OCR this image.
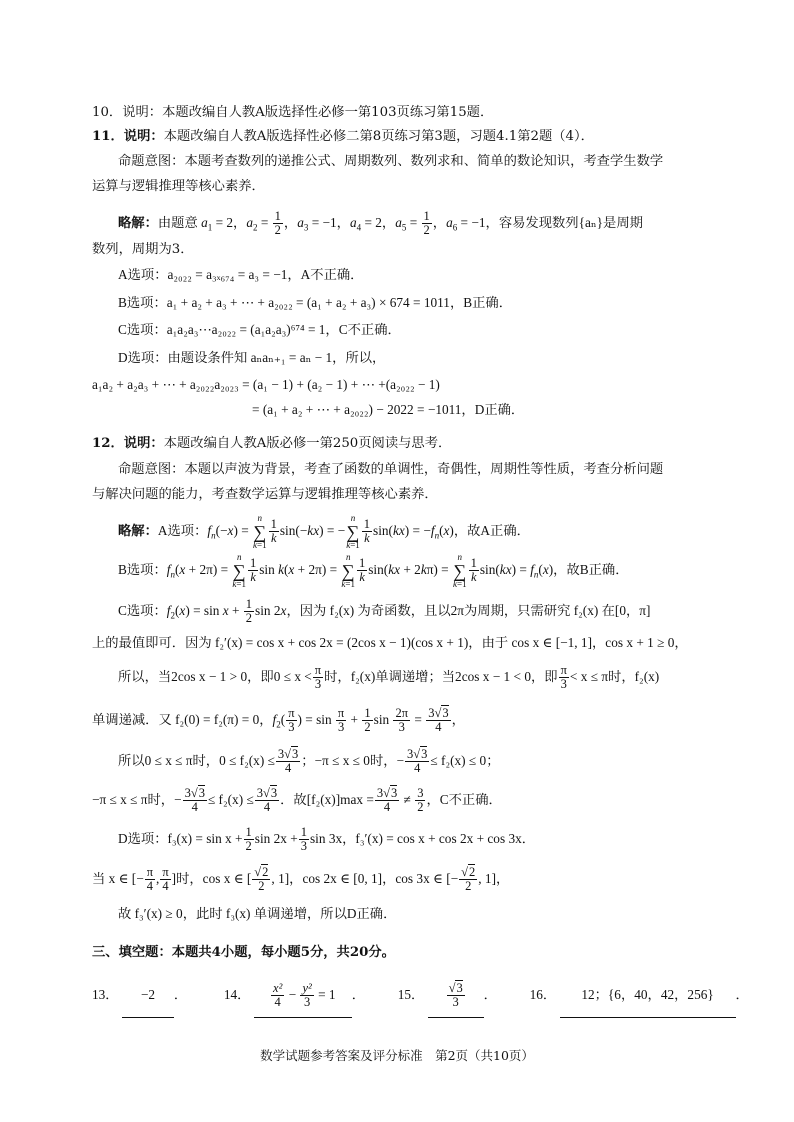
10．说明：本题改编自人教A版选择性必修一第103页练习第15题．
11．说明：本题改编自人教A版选择性必修二第8页练习第3题，习题4.1第2题（4）．
命题意图：本题考查数列的递推公式、周期数列、数列求和、简单的数论知识，考查学生数学
运算与逻辑推理等核心素养．
略解：由题意 $a_1 = 2$，$a_2 = \frac{1}{2}$ ，$a_3 = -1$，$a_4 = 2$，$a_5 = \frac{1}{2}$ ，$a_6 = -1$，容易发现数列{aₙ}是周期
数列，周期为3．
A选项：a₂₀₂₂ = a₃ₓ₆₇₄ = a₃ = −1，A不正确．
B选项：a₁ + a₂ + a₃ + ⋯ + a₂₀₂₂ = (a₁ + a₂ + a₃) × 674 = 1011，B正确．
C选项：a₁a₂a₃⋯a₂₀₂₂ = (a₁a₂a₃)⁶⁷⁴ = 1，C不正确．
D选项：由题设条件知 aₙaₙ₊₁ = aₙ − 1，所以，
a₁a₂ + a₂a₃ + ⋯ + a₂₀₂₂a₂₀₂₃ = (a₁ − 1) + (a₂ − 1) + ⋯ +(a₂₀₂₂ − 1)
= (a₁ + a₂ + ⋯ + a₂₀₂₂) − 2022 = −1011，D正确．
12．说明：本题改编自人教A版必修一第250页阅读与思考．
命题意图：本题以声波为背景，考查了函数的单调性，奇偶性，周期性等性质，考查分析问题
与解决问题的能力，考查数学运算与逻辑推理等核心素养．
略解：A选项：$f_n(-x)$ =
n
∑
$k=1 \frac{1}{k} \sin(-kx)$ = −
n
∑
$k=1 \frac{1}{k} \sin(kx) = -f_n(x)$，故A正确．
B选项：$f_n(x + 2\pi)$ =
n
∑
$k=1 \frac{1}{k}$ sin k(x + 2π) =
n
∑
$k=1 \frac{1}{k} \sin(kx + 2k\pi)$ =
n
∑
$k=1 \frac{1}{k} \sin(kx) = f_n(x)$，故B正确．
C选项：$f_2(x) = \sin x + \frac{1}{2}$ sin 2x，因为 f₂(x) 为奇函数，且以2π为周期，只需研究 f₂(x) 在[0，π]
上的最值即可．因为 f₂′(x) = cos x + cos 2x = (2cos x − 1)(cos x + 1)，由于 cos x ∈ [−1, 1]，cos x + 1 ≥ 0，
所以，当2cos x − 1 > 0，即$0 \le x < \frac{\pi}{3}$ 时，f₂(x)单调递增；当2cos x − 1 < 0，即 $\frac{\pi}{3} < x \le \pi$时，f₂(x)
单调递减．又 f₂(0) = f₂(π) = 0，$f_2( \frac{\pi}{3}$ ) = $\sin \frac{\pi}{3} + \frac{1}{2}$ $\sin \frac{2\pi}{3} = \frac{3√3}{4}$ ，
所以0 ≤ x ≤ π时，$0 \le f_2(x) \le \frac{3√3}{4}$ ；−π ≤ x ≤ 0时，− $\frac{3√3}{4} \le f_2(x) \le 0$；
−π ≤ x ≤ π时，− $\frac{3√3}{4} \le f_2(x) \le \frac{3√3}{4}$ ．故$[f_2(x)]\max = \frac{3√3}{4} \ne \frac{3}{2}$ ，C不正确．
D选项：$f_3(x) = \sin x + \frac{1}{2}$ $\sin 2x + \frac{1}{3}$ sin 3x，f₃′(x) = cos x + cos 2x + cos 3x．
当 x ∈ [− $\frac{\pi}{4}$ , $\frac{\pi}{4}$ ]时，cos x ∈ [ $\frac{√2}{2}$ , 1]，cos 2x ∈ [0, 1]，cos 3x ∈ [− $\frac{√2}{2}$ , 1]，
故 f₃′(x) ≥ 0，此时 f₃(x) 单调递增，所以D正确．
三、填空题：本题共4小题，每小题5分，共20分。
13． −2 ．	14． $\frac{\text{x²}}{4} - \frac{\text{y²}}{3} = 1$ ．  15． $\frac{√3}{3}$ ．  16． 12；{6，40，42，256} ．
数学试题参考答案及评分标准　第2页（共10页）
